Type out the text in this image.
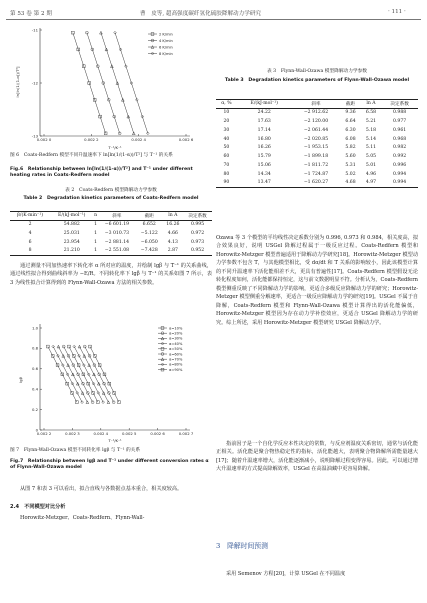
第 53 卷 第 2 期	曹　皮等, 超高强度碳纤氢化硫胶降解动力学研究	· 111 ·
-11
-12
-13
0.002 0	0.002 2	0.002 4	0.002 6
ln[ln(1/(1-α))/T²]
T⁻¹/K⁻¹
2 K/min
4 K/min
6 K/min
8 K/min
图 6　Coats-Redfern 模型不同升温速率下 ln[ln(1/(1-α))/T²] 与 T⁻¹ 的关系
Fig.6　Relationship between ln[ln(1/(1-α))/T²] and T⁻¹ under different heating rates in Coats-Redfern model
表 2　Coats-Redfern 模型降解动力学参数
Table 2　Degradation kinetics parameters of Coats-Redfern model
β/(K·min⁻¹)	E/(kJ·mol⁻¹)	n	斜率	截距	ln A	决定系数
2	54.882	1	−6 601.19	6.652	16.26	0.995
4	25.031	1	−3 010.73	−5.122	4.66	0.972
6	23.954	1	−2 881.14	−6.050	4.13	0.973
8	21.210	1	−2 551.08	−7.428	2.87	0.952

通过测量不同加热速率下转化率 α 所对应的温度，并绘制 lgβ 与 T⁻¹ 的关系曲线，通过线性拟合得到曲线斜率为 −E/R。不同转化率下 lgβ 与 T⁻¹ 的关系如图 7 所示，表 3 为线性拟合计算得到的 Flynn-Wall-Ozawa 方法的相关参数。

0
0.2
0.4
0.6
0.8
1.0
0.002 2	0.002 3	0.002 4	0.002 5	0.002 6	0.002 7
lgβ
T⁻¹/K⁻¹
α=10%
α=20%
α=30%
α=40%
α=50%
α=60%
α=70%
α=80%
α=90%
图 7　Flynn-Wall-Ozawa 模型不同转化率 lgβ 与 T⁻¹ 的关系
Fig.7　Relationship between lgβ and T⁻¹ under different conversion rates α of Flynn-Wall-Ozawa model

从图 7 和表 3 可以看出，拟合直线与各数据点基本重合，相关度较高。

2.4　不同模型对比分析

Horowitz-Metzger、Coats-Redfern、Flynn-Wall-

表 3　Flynn-Wall-Ozawa 模型降解动力学参数
Table 3　Degradation kinetics parameters of Flynn-Wall-Ozawa model
α, %	E/(kJ·mol⁻¹)	斜率	截距	ln A	决定系数
10	24.22	−2 912.62	9.36	6.58	0.988
20	17.63	−2 120.00	6.64	5.21	0.977
30	17.14	−2 061.44	6.30	5.18	0.961
40	16.80	−2 020.85	6.08	5.14	0.968
50	16.26	−1 953.15	5.82	5.11	0.982
60	15.79	−1 899.18	5.60	5.05	0.992
70	15.06	−1 811.72	5.31	5.01	0.996
80	14.34	−1 724.87	5.02	4.96	0.994
90	13.47	−1 620.27	4.68	4.97	0.994

Ozawa 等 3 个模型的平均线性决定系数分别为 0.996, 0.973 和 0.984，相关度高，拟合效果良好，说明 USGel 降解过程属于一级反应过程。Coats-Redfern 模型和 Horowitz-Metzger 模型普遍适用于降解动力学研究[18]。Horowitz-Metzger 模型动力学参数不包含 T，与其他模型相比，受 dα/dt 和 T 关系的影响较小，因此该模型计算的不同升温速率下活化能相差不大，更具有普遍性[17]。Coats-Redfern 模型假设无论转化程度如何，活化能都保持恒定，这与前文数据明显不符。分析认为，Coats-Redfern 模型侧重反映了不同降解动力学的影响，更适合多级反应降解动力学的研究；Horowitz-Metzger 模型侧重分解速率，更适合一级反应降解动力学的研究[19]。USGel 不属于自降解，Coats-Redfern 模型和 Flynn-Wall-Ozawa 模型计算得出的活化能偏低，Horowitz-Metzger 模型因为存在动力学补偿效应，更适合 USGel 降解动力学的研究。综上所述，采用 Horowitz-Metzger 模型研究 USGel 降解动力学。

指前因子是一个自化学反应本性决定的常数，与反应剂温度关系密切，通常与活化能正相关。活化能是聚合物热稳定性的指标，活化能越大，表明聚合物降解所需能量越大[17]；随着升温速率增大，活化能逐渐减小，说明降解过程变得容易。因此，可以通过增大升温速率的方式提高降解效率，USGel 在高温油藏中更容易降解。

3　降解时间预测

采用 Semenov 方程[20]，计算 USGel 在不同温度
